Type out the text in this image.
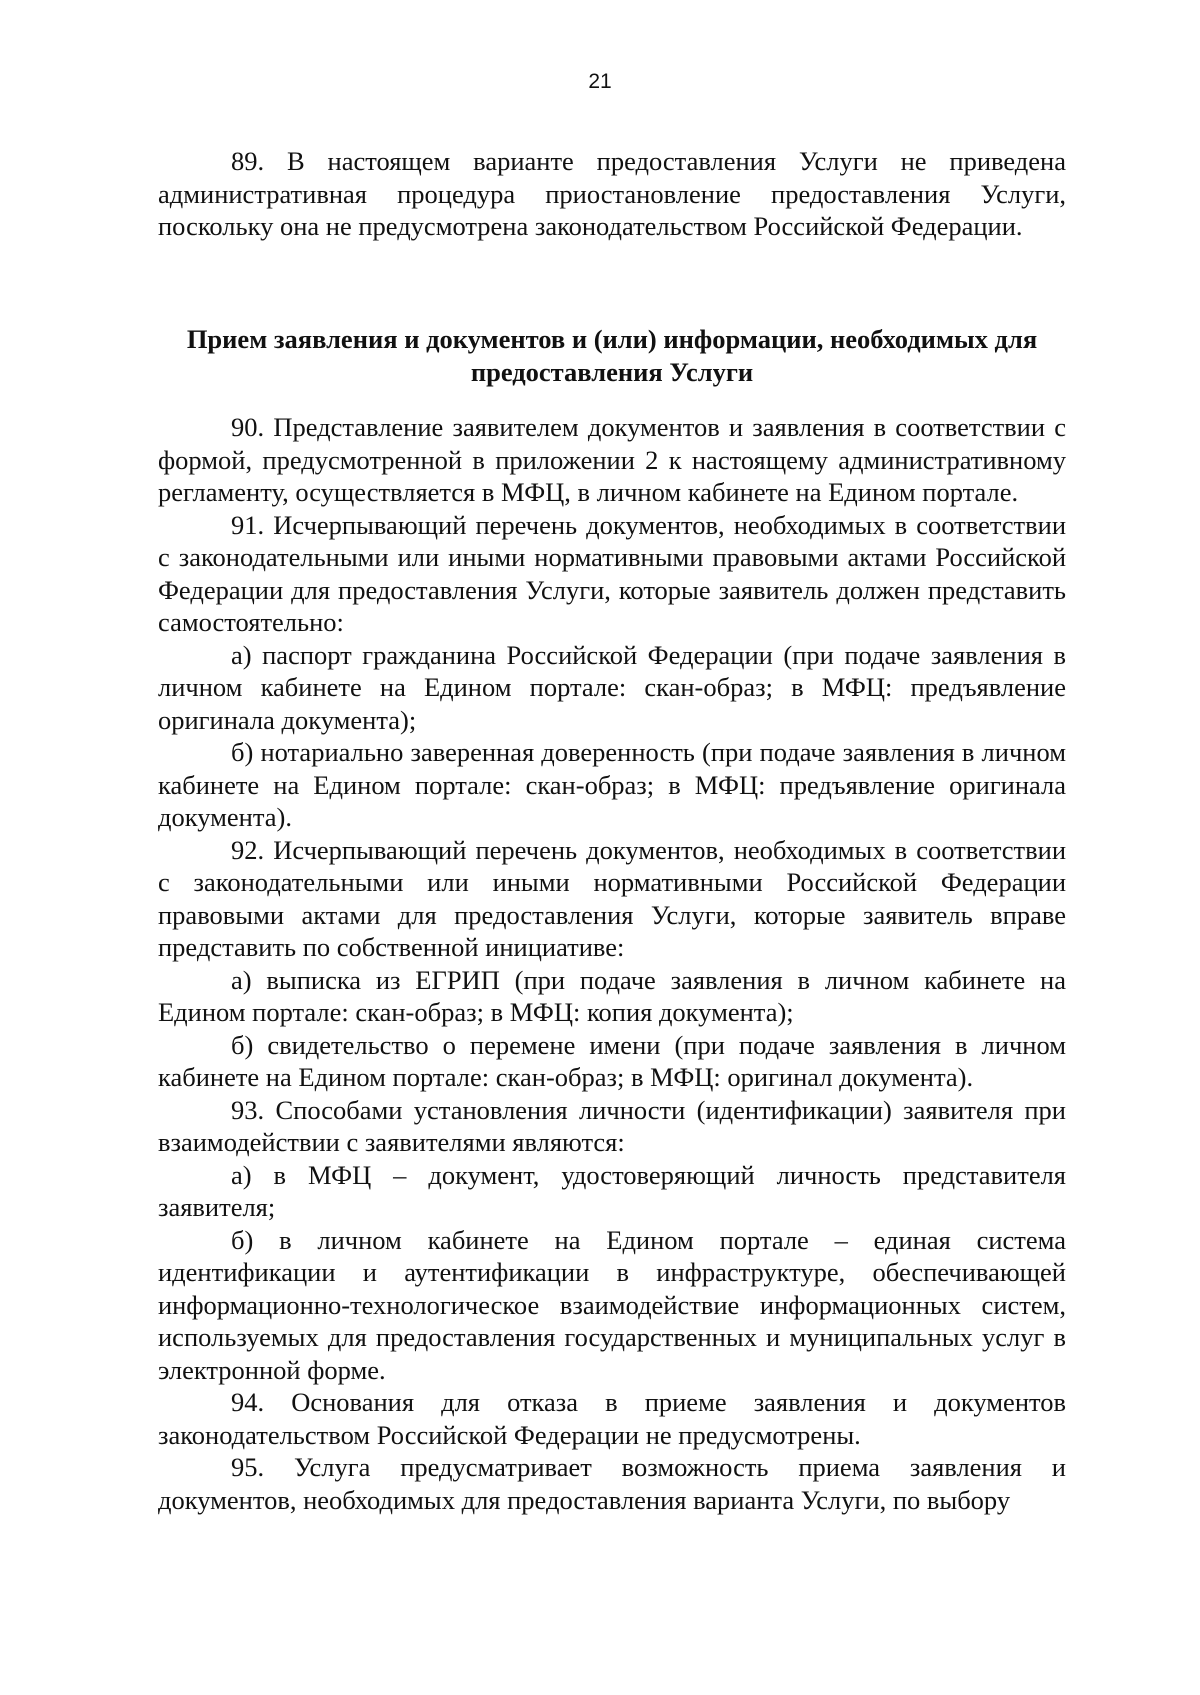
21

89. В настоящем варианте предоставления Услуги не приведена административная процедура приостановление предоставления Услуги, поскольку она не предусмотрена законодательством Российской Федерации.

Прием заявления и документов и (или) информации, необходимых для предоставления Услуги

90. Представление заявителем документов и заявления в соответствии с формой, предусмотренной в приложении 2 к настоящему административному регламенту, осуществляется в МФЦ, в личном кабинете на Едином портале.

91. Исчерпывающий перечень документов, необходимых в соответствии с законодательными или иными нормативными правовыми актами Российской Федерации для предоставления Услуги, которые заявитель должен представить самостоятельно:

а) паспорт гражданина Российской Федерации (при подаче заявления в личном кабинете на Едином портале: скан-образ; в МФЦ: предъявление оригинала документа);

б) нотариально заверенная доверенность (при подаче заявления в личном кабинете на Едином портале: скан-образ; в МФЦ: предъявление оригинала документа).

92. Исчерпывающий перечень документов, необходимых в соответствии с законодательными или иными нормативными Российской Федерации правовыми актами для предоставления Услуги, которые заявитель вправе представить по собственной инициативе:

а) выписка из ЕГРИП (при подаче заявления в личном кабинете на Едином портале: скан-образ; в МФЦ: копия документа);

б) свидетельство о перемене имени (при подаче заявления в личном кабинете на Едином портале: скан-образ; в МФЦ: оригинал документа).

93. Способами установления личности (идентификации) заявителя при взаимодействии с заявителями являются:

а) в МФЦ – документ, удостоверяющий личность представителя заявителя;

б) в личном кабинете на Едином портале – единая система идентификации и аутентификации в инфраструктуре, обеспечивающей информационно-технологическое взаимодействие информационных систем, используемых для предоставления государственных и муниципальных услуг в электронной форме.

94. Основания для отказа в приеме заявления и документов законодательством Российской Федерации не предусмотрены.

95. Услуга предусматривает возможность приема заявления и документов, необходимых для предоставления варианта Услуги, по выбору
